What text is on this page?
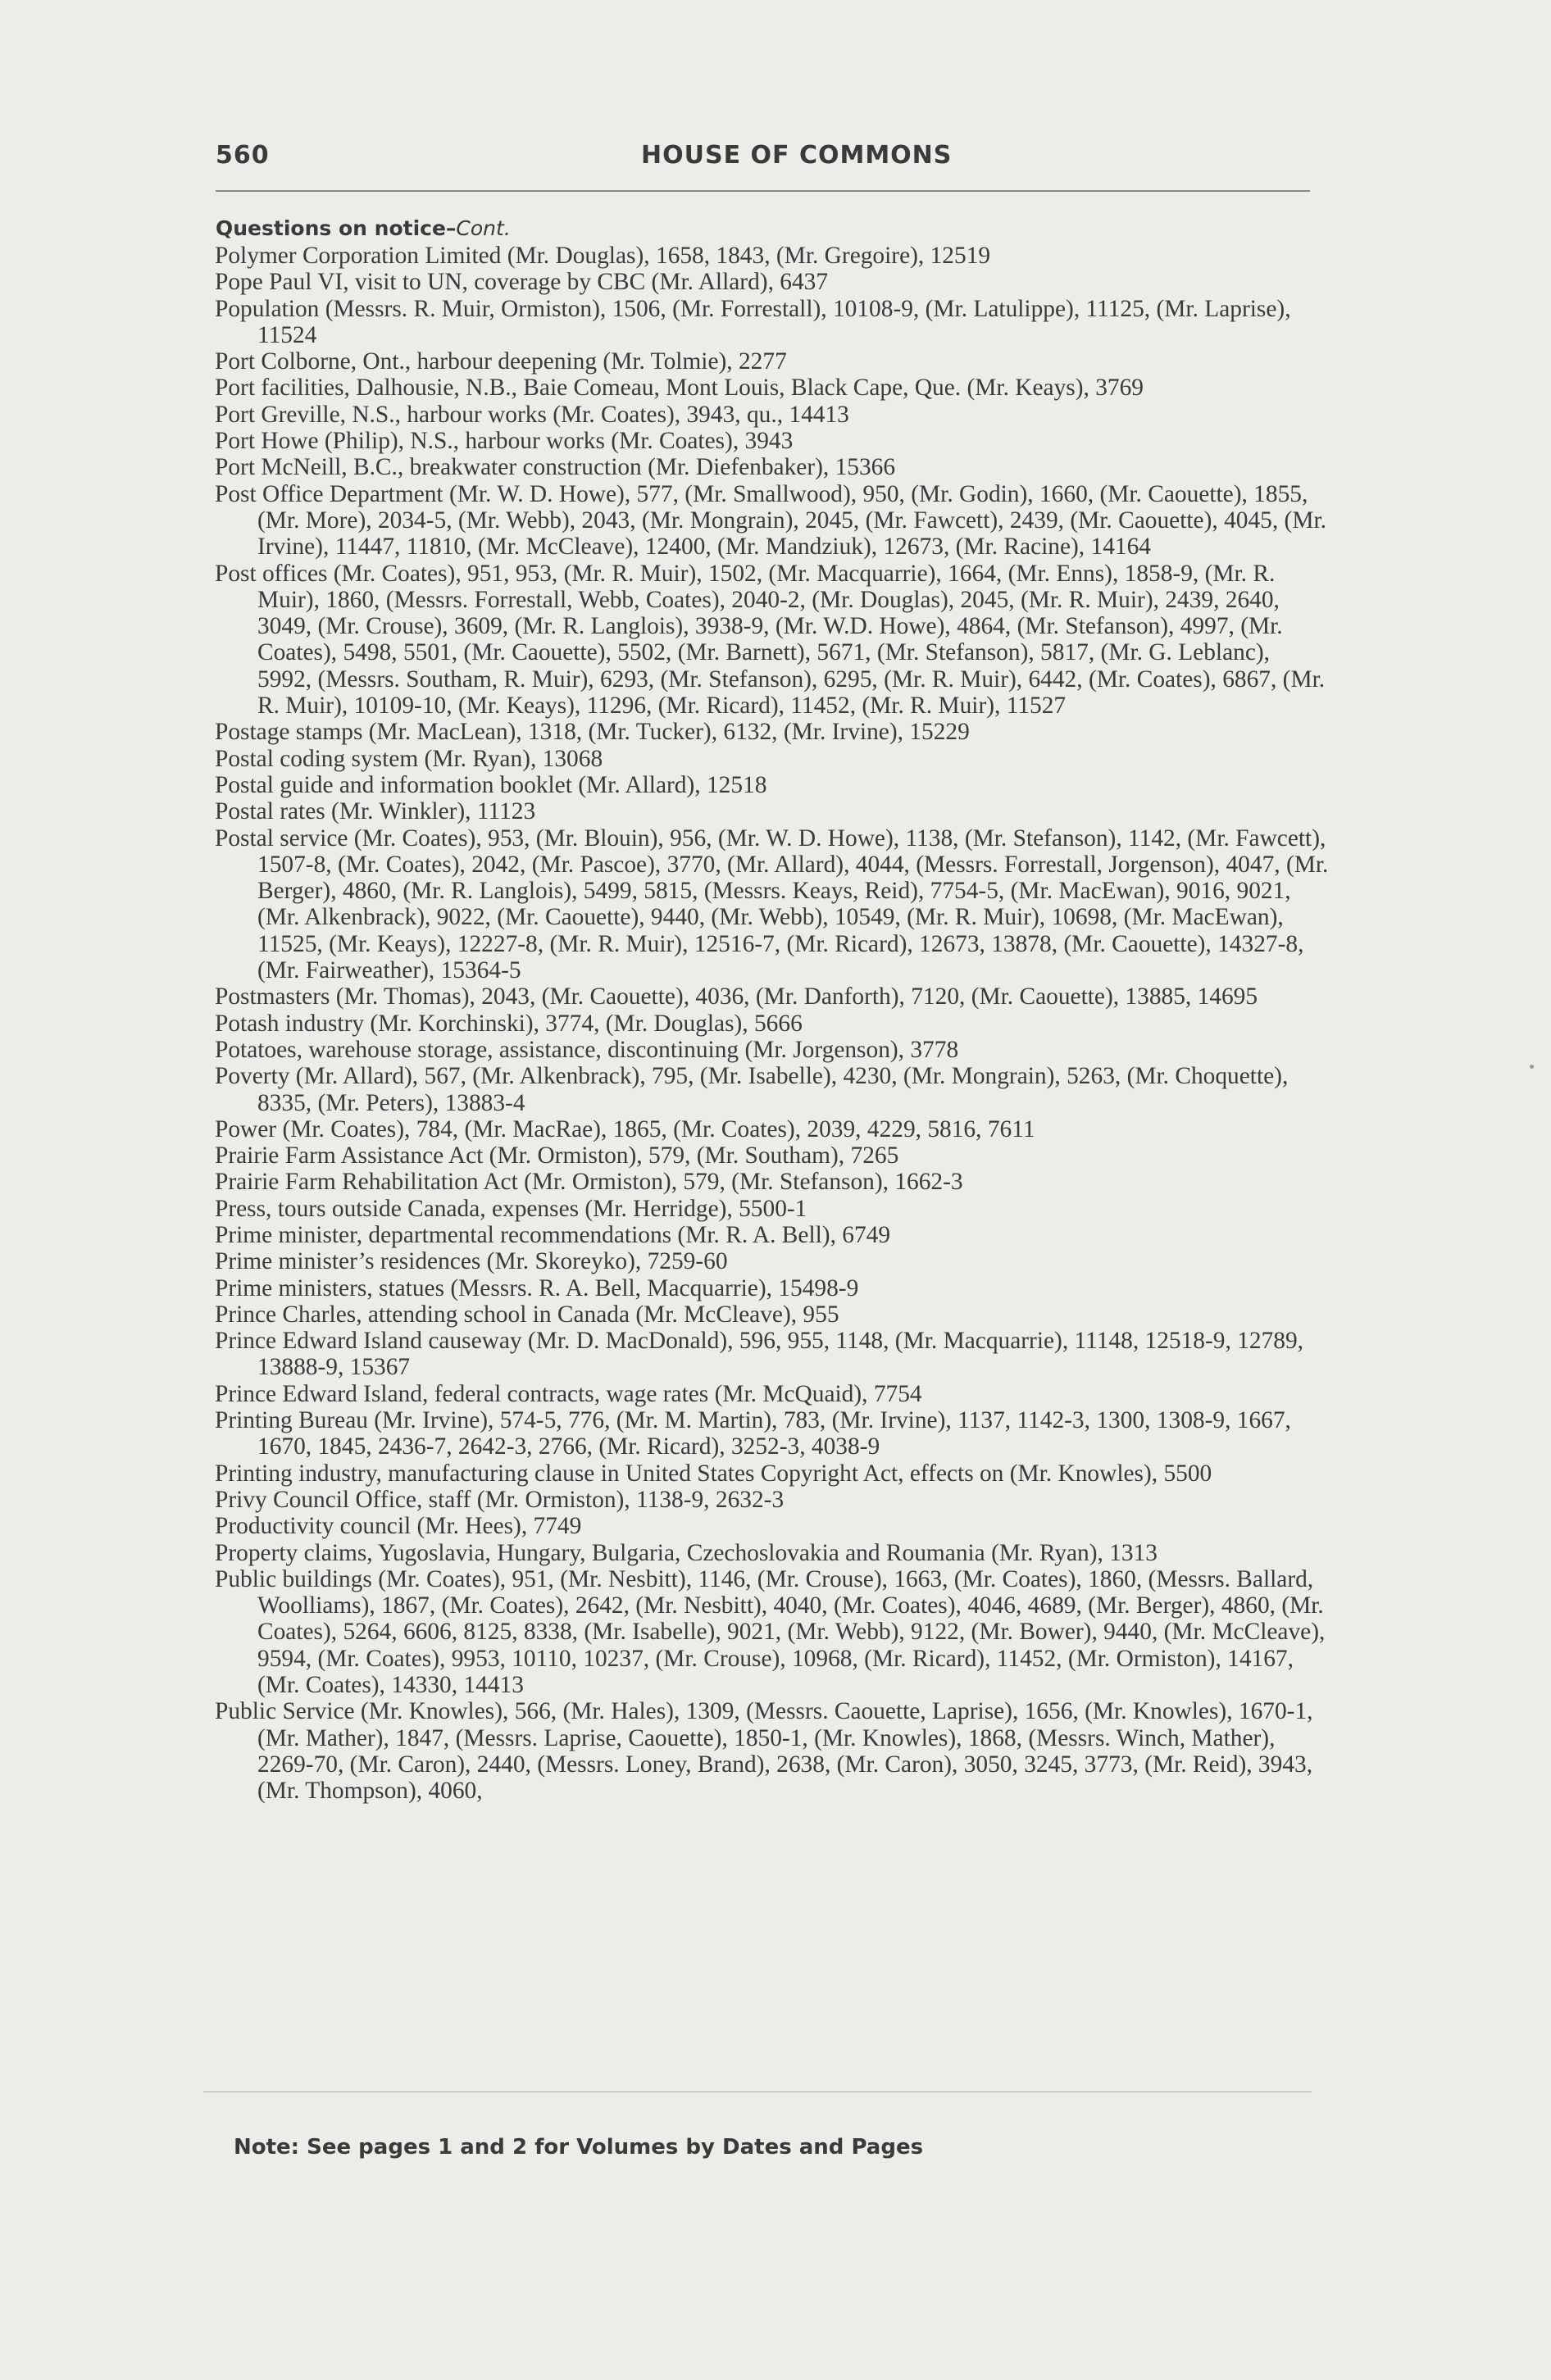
560	HOUSE OF COMMONS
Questions on notice–Cont.

Polymer Corporation Limited (Mr. Douglas), 1658, 1843, (Mr. Gregoire), 12519

Pope Paul VI, visit to UN, coverage by CBC (Mr. Allard), 6437

Population (Messrs. R. Muir, Ormiston), 1506, (Mr. Forrestall), 10108-9, (Mr. Latulippe), 11125, (Mr. Laprise), 11524

Port Colborne, Ont., harbour deepening (Mr. Tolmie), 2277

Port facilities, Dalhousie, N.B., Baie Comeau, Mont Louis, Black Cape, Que. (Mr. Keays), 3769

Port Greville, N.S., harbour works (Mr. Coates), 3943, qu., 14413

Port Howe (Philip), N.S., harbour works (Mr. Coates), 3943

Port McNeill, B.C., breakwater construction (Mr. Diefenbaker), 15366

Post Office Department (Mr. W. D. Howe), 577, (Mr. Smallwood), 950, (Mr. Godin), 1660, (Mr. Caouette), 1855, (Mr. More), 2034-5, (Mr. Webb), 2043, (Mr. Mongrain), 2045, (Mr. Fawcett), 2439, (Mr. Caouette), 4045, (Mr. Irvine), 11447, 11810, (Mr. McCleave), 12400, (Mr. Mandziuk), 12673, (Mr. Racine), 14164

Post offices (Mr. Coates), 951, 953, (Mr. R. Muir), 1502, (Mr. Macquarrie), 1664, (Mr. Enns), 1858-9, (Mr. R. Muir), 1860, (Messrs. Forrestall, Webb, Coates), 2040-2, (Mr. Douglas), 2045, (Mr. R. Muir), 2439, 2640, 3049, (Mr. Crouse), 3609, (Mr. R. Langlois), 3938-9, (Mr. W.D. Howe), 4864, (Mr. Stefanson), 4997, (Mr. Coates), 5498, 5501, (Mr. Caouette), 5502, (Mr. Barnett), 5671, (Mr. Stefanson), 5817, (Mr. G. Leblanc), 5992, (Messrs. Southam, R. Muir), 6293, (Mr. Stefanson), 6295, (Mr. R. Muir), 6442, (Mr. Coates), 6867, (Mr. R. Muir), 10109-10, (Mr. Keays), 11296, (Mr. Ricard), 11452, (Mr. R. Muir), 11527

Postage stamps (Mr. MacLean), 1318, (Mr. Tucker), 6132, (Mr. Irvine), 15229

Postal coding system (Mr. Ryan), 13068

Postal guide and information booklet (Mr. Allard), 12518

Postal rates (Mr. Winkler), 11123

Postal service (Mr. Coates), 953, (Mr. Blouin), 956, (Mr. W. D. Howe), 1138, (Mr. Stefanson), 1142, (Mr. Fawcett), 1507-8, (Mr. Coates), 2042, (Mr. Pascoe), 3770, (Mr. Allard), 4044, (Messrs. Forrestall, Jorgenson), 4047, (Mr. Berger), 4860, (Mr. R. Langlois), 5499, 5815, (Messrs. Keays, Reid), 7754-5, (Mr. MacEwan), 9016, 9021, (Mr. Alkenbrack), 9022, (Mr. Caouette), 9440, (Mr. Webb), 10549, (Mr. R. Muir), 10698, (Mr. MacEwan), 11525, (Mr. Keays), 12227-8, (Mr. R. Muir), 12516-7, (Mr. Ricard), 12673, 13878, (Mr. Caouette), 14327-8, (Mr. Fairweather), 15364-5

Postmasters (Mr. Thomas), 2043, (Mr. Caouette), 4036, (Mr. Danforth), 7120, (Mr. Caouette), 13885, 14695

Potash industry (Mr. Korchinski), 3774, (Mr. Douglas), 5666

Potatoes, warehouse storage, assistance, discontinuing (Mr. Jorgenson), 3778

Poverty (Mr. Allard), 567, (Mr. Alkenbrack), 795, (Mr. Isabelle), 4230, (Mr. Mongrain), 5263, (Mr. Choquette), 8335, (Mr. Peters), 13883-4

Power (Mr. Coates), 784, (Mr. MacRae), 1865, (Mr. Coates), 2039, 4229, 5816, 7611

Prairie Farm Assistance Act (Mr. Ormiston), 579, (Mr. Southam), 7265

Prairie Farm Rehabilitation Act (Mr. Ormiston), 579, (Mr. Stefanson), 1662-3

Press, tours outside Canada, expenses (Mr. Herridge), 5500-1

Prime minister, departmental recommendations (Mr. R. A. Bell), 6749

Prime minister’s residences (Mr. Skoreyko), 7259-60

Prime ministers, statues (Messrs. R. A. Bell, Macquarrie), 15498-9

Prince Charles, attending school in Canada (Mr. McCleave), 955

Prince Edward Island causeway (Mr. D. MacDonald), 596, 955, 1148, (Mr. Macquarrie), 11148, 12518-9, 12789, 13888-9, 15367

Prince Edward Island, federal contracts, wage rates (Mr. McQuaid), 7754

Printing Bureau (Mr. Irvine), 574-5, 776, (Mr. M. Martin), 783, (Mr. Irvine), 1137, 1142-3, 1300, 1308-9, 1667, 1670, 1845, 2436-7, 2642-3, 2766, (Mr. Ricard), 3252-3, 4038-9

Printing industry, manufacturing clause in United States Copyright Act, effects on (Mr. Knowles), 5500

Privy Council Office, staff (Mr. Ormiston), 1138-9, 2632-3

Productivity council (Mr. Hees), 7749

Property claims, Yugoslavia, Hungary, Bulgaria, Czechoslovakia and Roumania (Mr. Ryan), 1313

Public buildings (Mr. Coates), 951, (Mr. Nesbitt), 1146, (Mr. Crouse), 1663, (Mr. Coates), 1860, (Messrs. Ballard, Woolliams), 1867, (Mr. Coates), 2642, (Mr. Nesbitt), 4040, (Mr. Coates), 4046, 4689, (Mr. Berger), 4860, (Mr. Coates), 5264, 6606, 8125, 8338, (Mr. Isabelle), 9021, (Mr. Webb), 9122, (Mr. Bower), 9440, (Mr. McCleave), 9594, (Mr. Coates), 9953, 10110, 10237, (Mr. Crouse), 10968, (Mr. Ricard), 11452, (Mr. Ormiston), 14167, (Mr. Coates), 14330, 14413

Public Service (Mr. Knowles), 566, (Mr. Hales), 1309, (Messrs. Caouette, Laprise), 1656, (Mr. Knowles), 1670-1, (Mr. Mather), 1847, (Messrs. Laprise, Caouette), 1850-1, (Mr. Knowles), 1868, (Messrs. Winch, Mather), 2269-70, (Mr. Caron), 2440, (Messrs. Loney, Brand), 2638, (Mr. Caron), 3050, 3245, 3773, (Mr. Reid), 3943, (Mr. Thompson), 4060,

Note: See pages 1 and 2 for Volumes by Dates and Pages
